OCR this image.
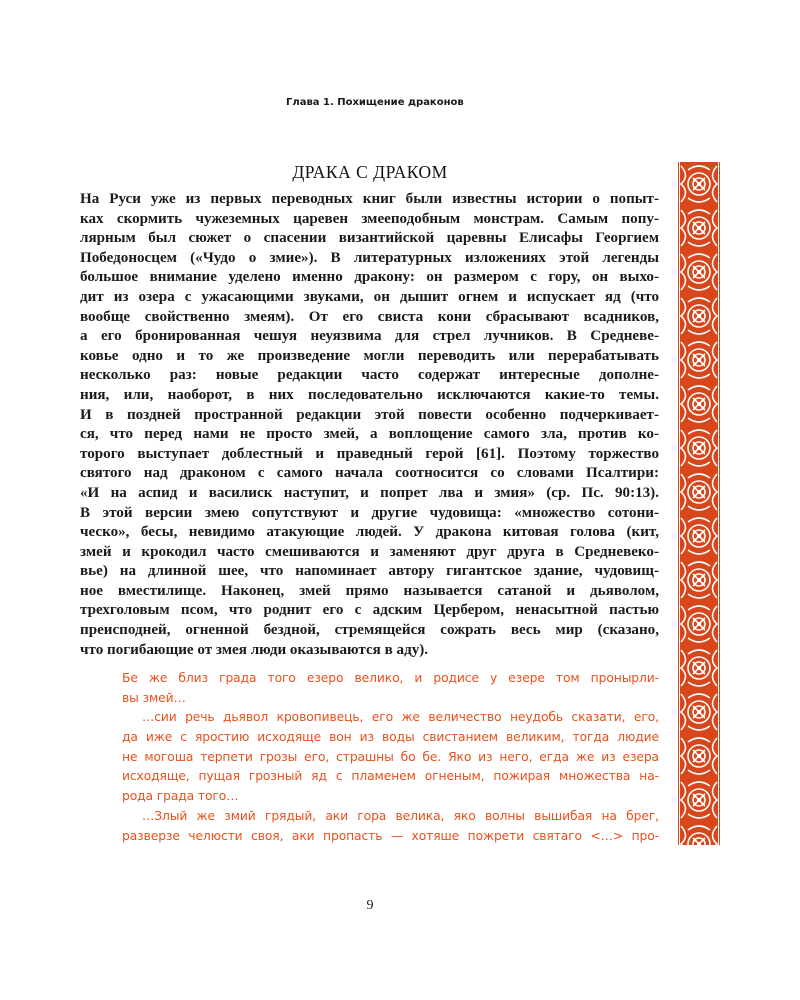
Глава 1. Похищение драконов
ДРАКА С ДРАКОМ
На Руси уже из первых переводных книг были известны истории о попыт-
ках скормить чужеземных царевен змееподобным монстрам. Самым попу-
лярным был сюжет о спасении византийской царевны Елисафы Георгием
Победоносцем («Чудо о змие»). В литературных изложениях этой легенды
большое внимание уделено именно дракону: он размером с гору, он выхо-
дит из озера с ужасающими звуками, он дышит огнем и испускает яд (что
вообще свойственно змеям). От его свиста кони сбрасывают всадников,
а его бронированная чешуя неуязвима для стрел лучников. В Средневе-
ковье одно и то же произведение могли переводить или перерабатывать
несколько раз: новые редакции часто содержат интересные дополне-
ния, или, наоборот, в них последовательно исключаются какие-то темы.
И в поздней пространной редакции этой повести особенно подчеркивает-
ся, что перед нами не просто змей, а воплощение самого зла, против ко-
торого выступает доблестный и праведный герой [61]. Поэтому торжество
святого над драконом с самого начала соотносится со словами Псалтири:
«И на аспид и василиск наступит, и попрет лва и змия» (ср. Пс. 90:13).
В этой версии змею сопутствуют и другие чудовища: «множество сотони-
ческо», бесы, невидимо атакующие людей. У дракона китовая голова (кит,
змей и крокодил часто смешиваются и заменяют друг друга в Средневеко-
вье) на длинной шее, что напоминает автору гигантское здание, чудовищ-
ное вместилище. Наконец, змей прямо называется сатаной и дьяволом,
трехголовым псом, что роднит его с адским Цербером, ненасытной пастью
преисподней, огненной бездной, стремящейся сожрать весь мир (сказано,
что погибающие от змея люди оказываются в аду).
Бе же близ града того езеро велико, и родисе у езере том пронырли-
вы змей…
…сии речь дьявол кровопивець, его же величество неудобь сказати, его,
да иже с яростию исходяще вон из воды свистанием великим, тогда людие
не могоша терпети грозы его, страшны бо бе. Яко из него, егда же из езера
исходяще, пущая грозный яд с пламенем огненым, пожирая множества на-
рода града того…
…Злый же змий грядый, аки гора велика, яко волны вышибая на брег,
разверзе челюсти своя, аки пропасть — хотяше пожрети святаго <…> про-
9
